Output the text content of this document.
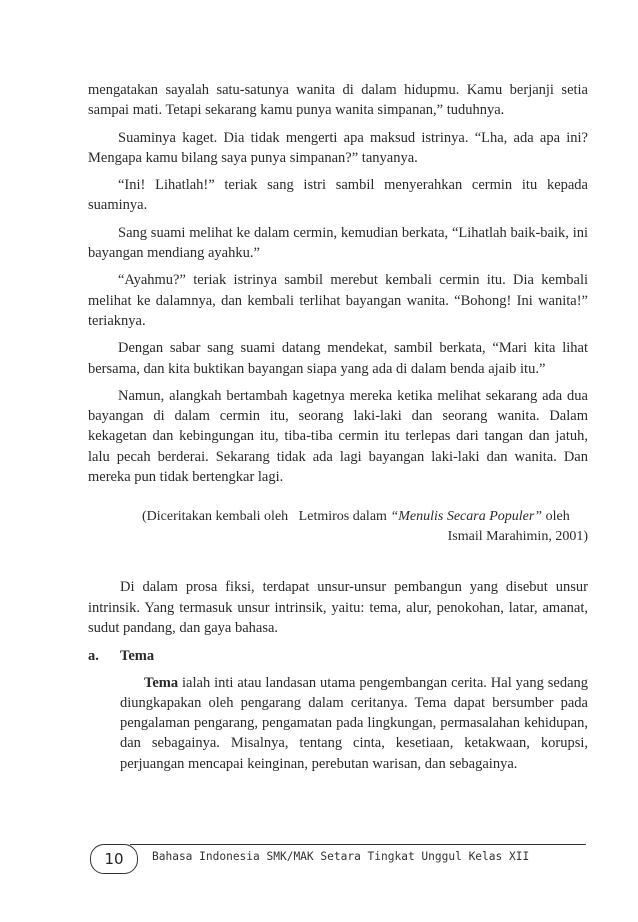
mengatakan sayalah satu-satunya wanita di dalam hidupmu. Kamu berjanji setia sampai mati. Tetapi sekarang kamu punya wanita simpanan,” tuduhnya.

Suaminya kaget. Dia tidak mengerti apa maksud istrinya. “Lha, ada apa ini? Mengapa kamu bilang saya punya simpanan?” tanyanya.

“Ini! Lihatlah!” teriak sang istri sambil menyerahkan cermin itu kepada suaminya.

Sang suami melihat ke dalam cermin, kemudian berkata, “Lihatlah baik-baik, ini bayangan mendiang ayahku.”

“Ayahmu?” teriak istrinya sambil merebut kembali cermin itu. Dia kembali melihat ke dalamnya, dan kembali terlihat bayangan wanita. “Bohong! Ini wanita!” teriaknya.

Dengan sabar sang suami datang mendekat, sambil berkata, “Mari kita lihat bersama, dan kita buktikan bayangan siapa yang ada di dalam benda ajaib itu.”

Namun, alangkah bertambah kagetnya mereka ketika melihat sekarang ada dua bayangan di dalam cermin itu, seorang laki-laki dan seorang wanita. Dalam kekagetan dan kebingungan itu, tiba-tiba cermin itu terlepas dari tangan dan jatuh, lalu pecah berderai. Sekarang tidak ada lagi bayangan laki-laki dan wanita. Dan mereka pun tidak bertengkar lagi.

(Diceritakan kembali oleh Letmiros dalam “Menulis Secara Populer” oleh
Ismail Marahimin, 2001)

Di dalam prosa fiksi, terdapat unsur-unsur pembangun yang disebut unsur intrinsik. Yang termasuk unsur intrinsik, yaitu: tema, alur, penokohan, latar, amanat, sudut pandang, dan gaya bahasa.

a.	Tema

Tema ialah inti atau landasan utama pengembangan cerita. Hal yang sedang diungkapakan oleh pengarang dalam ceritanya. Tema dapat bersumber pada pengalaman pengarang, pengamatan pada lingkungan, permasalahan kehidupan, dan sebagainya. Misalnya, tentang cinta, kesetiaan, ketakwaan, korupsi, perjuangan mencapai keinginan, perebutan warisan, dan sebagainya.

10	Bahasa Indonesia SMK/MAK Setara Tingkat Unggul Kelas XII
